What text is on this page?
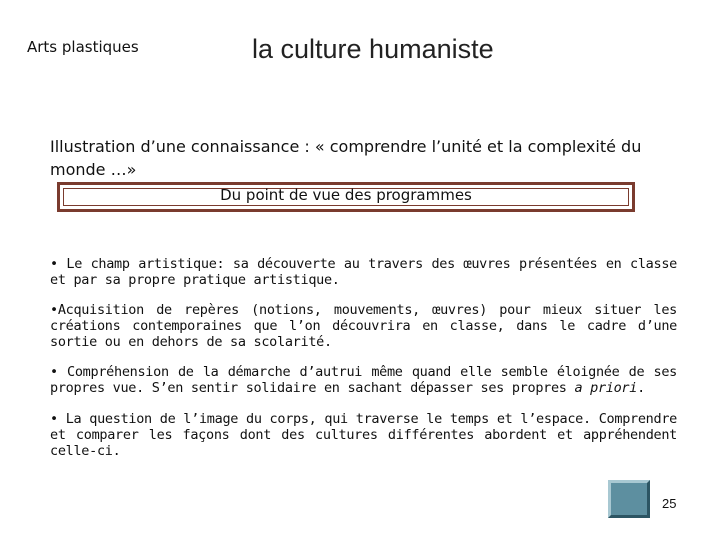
Arts plastiques	la culture humaniste
Illustration d’une connaissance : « comprendre l’unité et la complexité du monde …»
Du point de vue des programmes
• Le champ artistique: sa découverte au travers des œuvres présentées en classe et par sa propre pratique artistique.
•Acquisition de repères (notions, mouvements, œuvres) pour mieux situer les créations contemporaines que l’on découvrira en classe, dans le cadre d’une sortie ou en dehors de sa scolarité.
• Compréhension de la démarche d’autrui même quand elle semble éloignée de ses propres vue. S’en sentir solidaire en sachant dépasser ses propres a priori.
• La question de l’image du corps, qui traverse le temps et l’espace. Comprendre et comparer les façons dont des cultures différentes abordent et appréhendent celle-ci.
25
